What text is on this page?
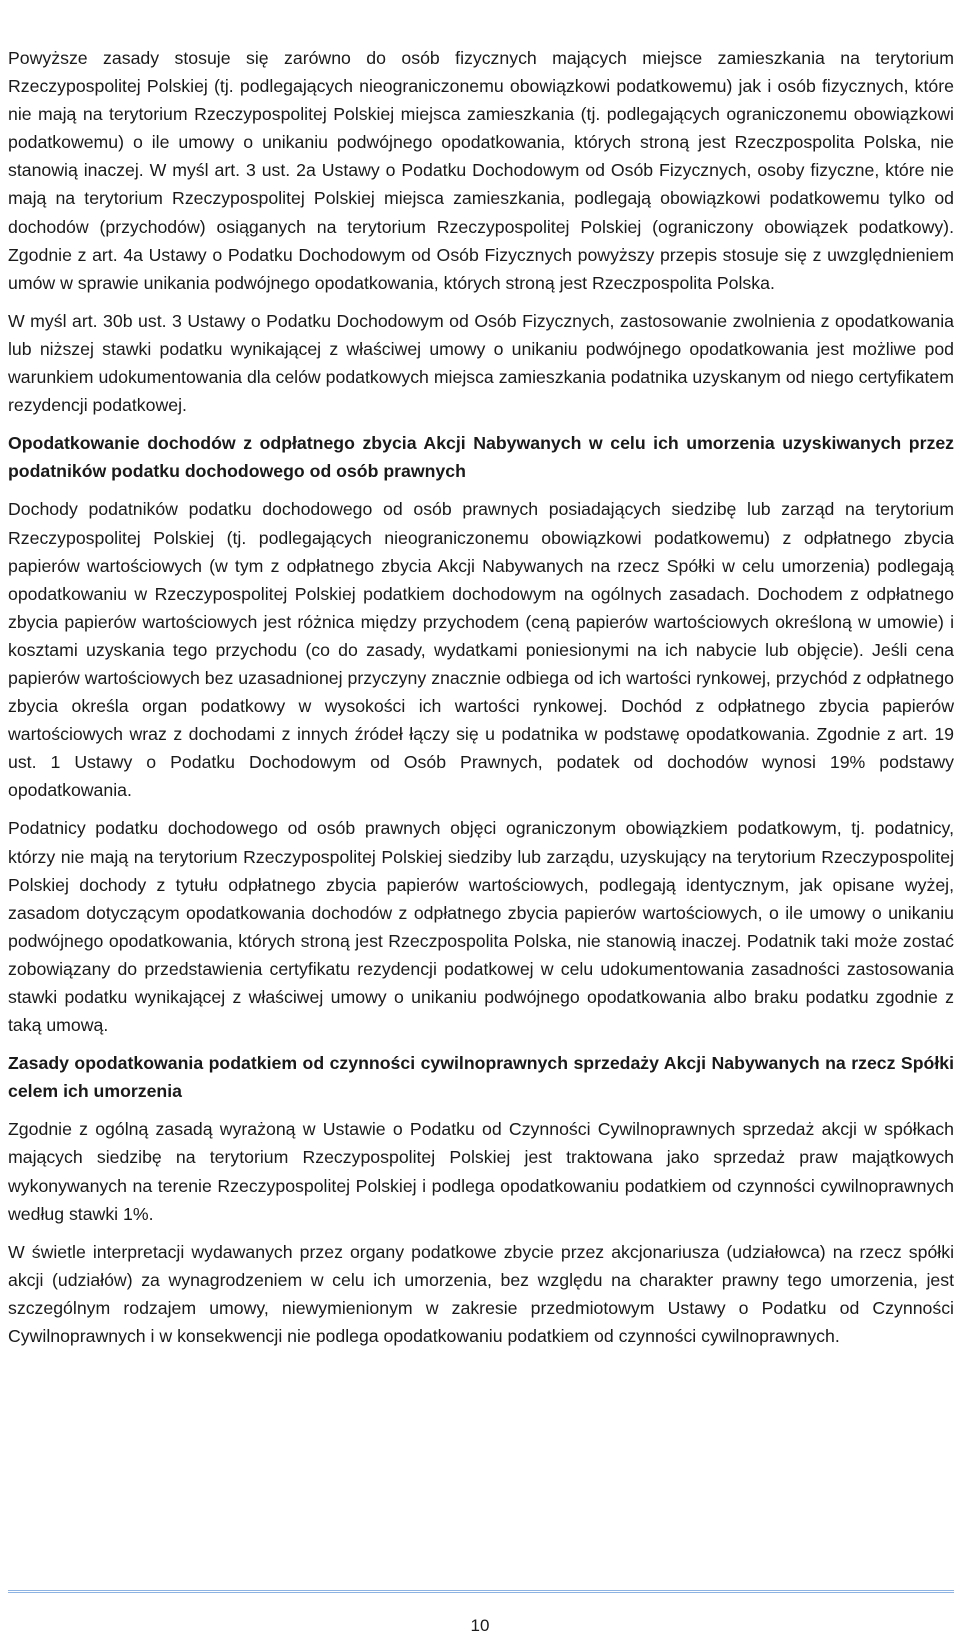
Powyższe zasady stosuje się zarówno do osób fizycznych mających miejsce zamieszkania na terytorium Rzeczypospolitej Polskiej (tj. podlegających nieograniczonemu obowiązkowi podatkowemu) jak i osób fizycznych, które nie mają na terytorium Rzeczypospolitej Polskiej miejsca zamieszkania (tj. podlegających ograniczonemu obowiązkowi podatkowemu) o ile umowy o unikaniu podwójnego opodatkowania, których stroną jest Rzeczpospolita Polska, nie stanowią inaczej. W myśl art. 3 ust. 2a Ustawy o Podatku Dochodowym od Osób Fizycznych, osoby fizyczne, które nie mają na terytorium Rzeczypospolitej Polskiej miejsca zamieszkania, podlegają obowiązkowi podatkowemu tylko od dochodów (przychodów) osiąganych na terytorium Rzeczypospolitej Polskiej (ograniczony obowiązek podatkowy). Zgodnie z art. 4a Ustawy o Podatku Dochodowym od Osób Fizycznych powyższy przepis stosuje się z uwzględnieniem umów w sprawie unikania podwójnego opodatkowania, których stroną jest Rzeczpospolita Polska.

W myśl art. 30b ust. 3 Ustawy o Podatku Dochodowym od Osób Fizycznych, zastosowanie zwolnienia z opodatkowania lub niższej stawki podatku wynikającej z właściwej umowy o unikaniu podwójnego opodatkowania jest możliwe pod warunkiem udokumentowania dla celów podatkowych miejsca zamieszkania podatnika uzyskanym od niego certyfikatem rezydencji podatkowej.

Opodatkowanie dochodów z odpłatnego zbycia Akcji Nabywanych w celu ich umorzenia uzyskiwanych przez podatników podatku dochodowego od osób prawnych

Dochody podatników podatku dochodowego od osób prawnych posiadających siedzibę lub zarząd na terytorium Rzeczypospolitej Polskiej (tj. podlegających nieograniczonemu obowiązkowi podatkowemu) z odpłatnego zbycia papierów wartościowych (w tym z odpłatnego zbycia Akcji Nabywanych na rzecz Spółki w celu umorzenia) podlegają opodatkowaniu w Rzeczypospolitej Polskiej podatkiem dochodowym na ogólnych zasadach. Dochodem z odpłatnego zbycia papierów wartościowych jest różnica między przychodem (ceną papierów wartościowych określoną w umowie) i kosztami uzyskania tego przychodu (co do zasady, wydatkami poniesionymi na ich nabycie lub objęcie). Jeśli cena papierów wartościowych bez uzasadnionej przyczyny znacznie odbiega od ich wartości rynkowej, przychód z odpłatnego zbycia określa organ podatkowy w wysokości ich wartości rynkowej. Dochód z odpłatnego zbycia papierów wartościowych wraz z dochodami z innych źródeł łączy się u podatnika w podstawę opodatkowania. Zgodnie z art. 19 ust. 1 Ustawy o Podatku Dochodowym od Osób Prawnych, podatek od dochodów wynosi 19% podstawy opodatkowania.

Podatnicy podatku dochodowego od osób prawnych objęci ograniczonym obowiązkiem podatkowym, tj. podatnicy, którzy nie mają na terytorium Rzeczypospolitej Polskiej siedziby lub zarządu, uzyskujący na terytorium Rzeczypospolitej Polskiej dochody z tytułu odpłatnego zbycia papierów wartościowych, podlegają identycznym, jak opisane wyżej, zasadom dotyczącym opodatkowania dochodów z odpłatnego zbycia papierów wartościowych, o ile umowy o unikaniu podwójnego opodatkowania, których stroną jest Rzeczpospolita Polska, nie stanowią inaczej. Podatnik taki może zostać zobowiązany do przedstawienia certyfikatu rezydencji podatkowej w celu udokumentowania zasadności zastosowania stawki podatku wynikającej z właściwej umowy o unikaniu podwójnego opodatkowania albo braku podatku zgodnie z taką umową.

Zasady opodatkowania podatkiem od czynności cywilnoprawnych sprzedaży Akcji Nabywanych na rzecz Spółki celem ich umorzenia

Zgodnie z ogólną zasadą wyrażoną w Ustawie o Podatku od Czynności Cywilnoprawnych sprzedaż akcji w spółkach mających siedzibę na terytorium Rzeczypospolitej Polskiej jest traktowana jako sprzedaż praw majątkowych wykonywanych na terenie Rzeczypospolitej Polskiej i podlega opodatkowaniu podatkiem od czynności cywilnoprawnych według stawki 1%.

W świetle interpretacji wydawanych przez organy podatkowe zbycie przez akcjonariusza (udziałowca) na rzecz spółki akcji (udziałów) za wynagrodzeniem w celu ich umorzenia, bez względu na charakter prawny tego umorzenia, jest szczególnym rodzajem umowy, niewymienionym w zakresie przedmiotowym Ustawy o Podatku od Czynności Cywilnoprawnych i w konsekwencji nie podlega opodatkowaniu podatkiem od czynności cywilnoprawnych.

10
